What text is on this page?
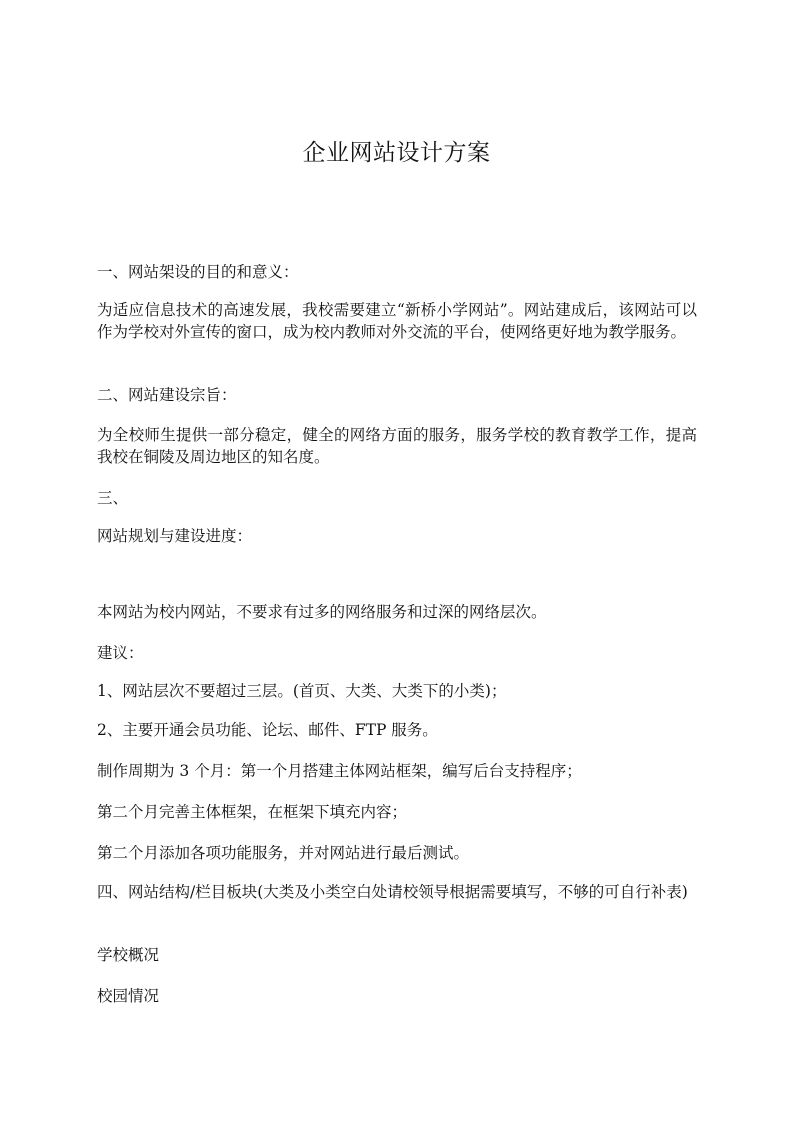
企业网站设计方案

一、网站架设的目的和意义：

为适应信息技术的高速发展，我校需要建立“新桥小学网站”。网站建成后，该网站可以作为学校对外宣传的窗口，成为校内教师对外交流的平台，使网络更好地为教学服务。

二、网站建设宗旨：

为全校师生提供一部分稳定，健全的网络方面的服务，服务学校的教育教学工作，提高我校在铜陵及周边地区的知名度。

三、

网站规划与建设进度：

本网站为校内网站，不要求有过多的网络服务和过深的网络层次。

建议：

1、网站层次不要超过三层。(首页、大类、大类下的小类)；

2、主要开通会员功能、论坛、邮件、FTP 服务。

制作周期为 3 个月：第一个月搭建主体网站框架，编写后台支持程序；

第二个月完善主体框架，在框架下填充内容；

第二个月添加各项功能服务，并对网站进行最后测试。

四、网站结构/栏目板块(大类及小类空白处请校领导根据需要填写，不够的可自行补表)

学校概况

校园情况
